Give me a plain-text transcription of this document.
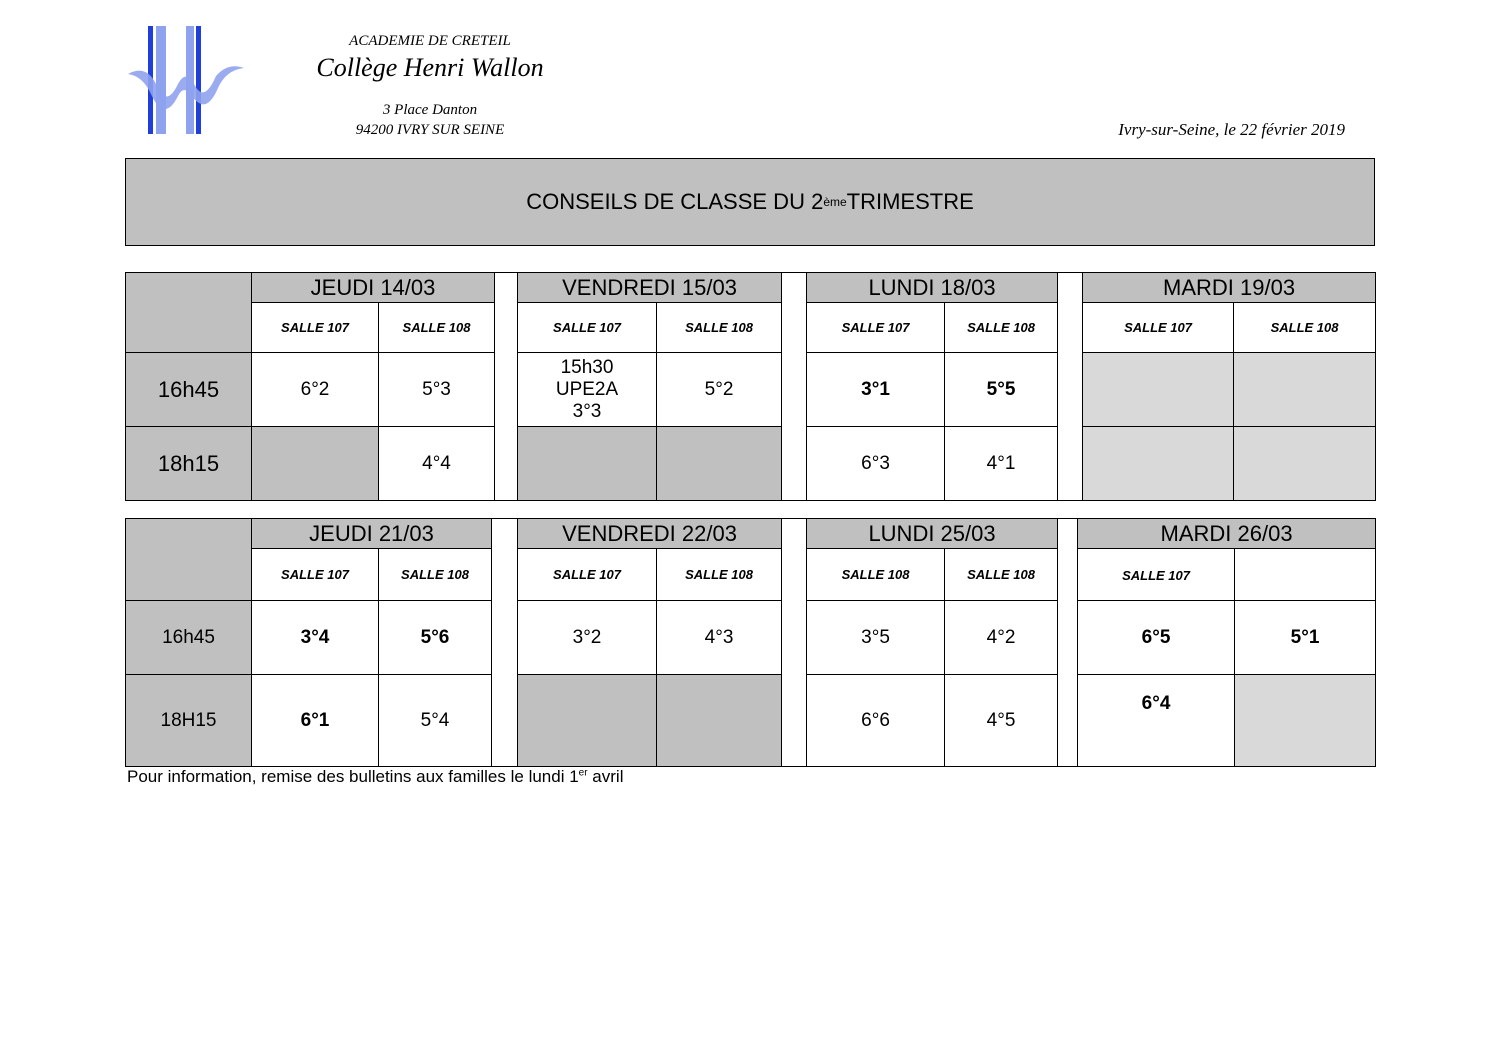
ACADEMIE DE CRETEIL
Collège Henri Wallon
3 Place Danton
94200 IVRY SUR SEINE	Ivry-sur-Seine, le 22 février 2019
CONSEILS DE CLASSE DU 2 ème TRIMESTRE
	JEUDI 14/03			VENDREDI 15/03			LUNDI 18/03			MARDI 19/03	
	SALLE 107	SALLE 108		SALLE 107	SALLE 108		SALLE 107	SALLE 108		SALLE 107	SALLE 108
16h45	6°2	5°3		15h30
UPE2A
3°3	5°2		3°1	5°5			
18h15		4°4					6°3	4°1			
	JEUDI 21/03			VENDREDI 22/03			LUNDI 25/03			MARDI 26/03	
	SALLE 107	SALLE 108		SALLE 107	SALLE 108		SALLE 108	SALLE 108		SALLE 107	
16h45	3°4	5°6		3°2	4°3		3°5	4°2		6°5	5°1
18H15	6°1	5°4					6°6	4°5		6°4	
Pour information, remise des bulletins aux familles le lundi 1er avril
